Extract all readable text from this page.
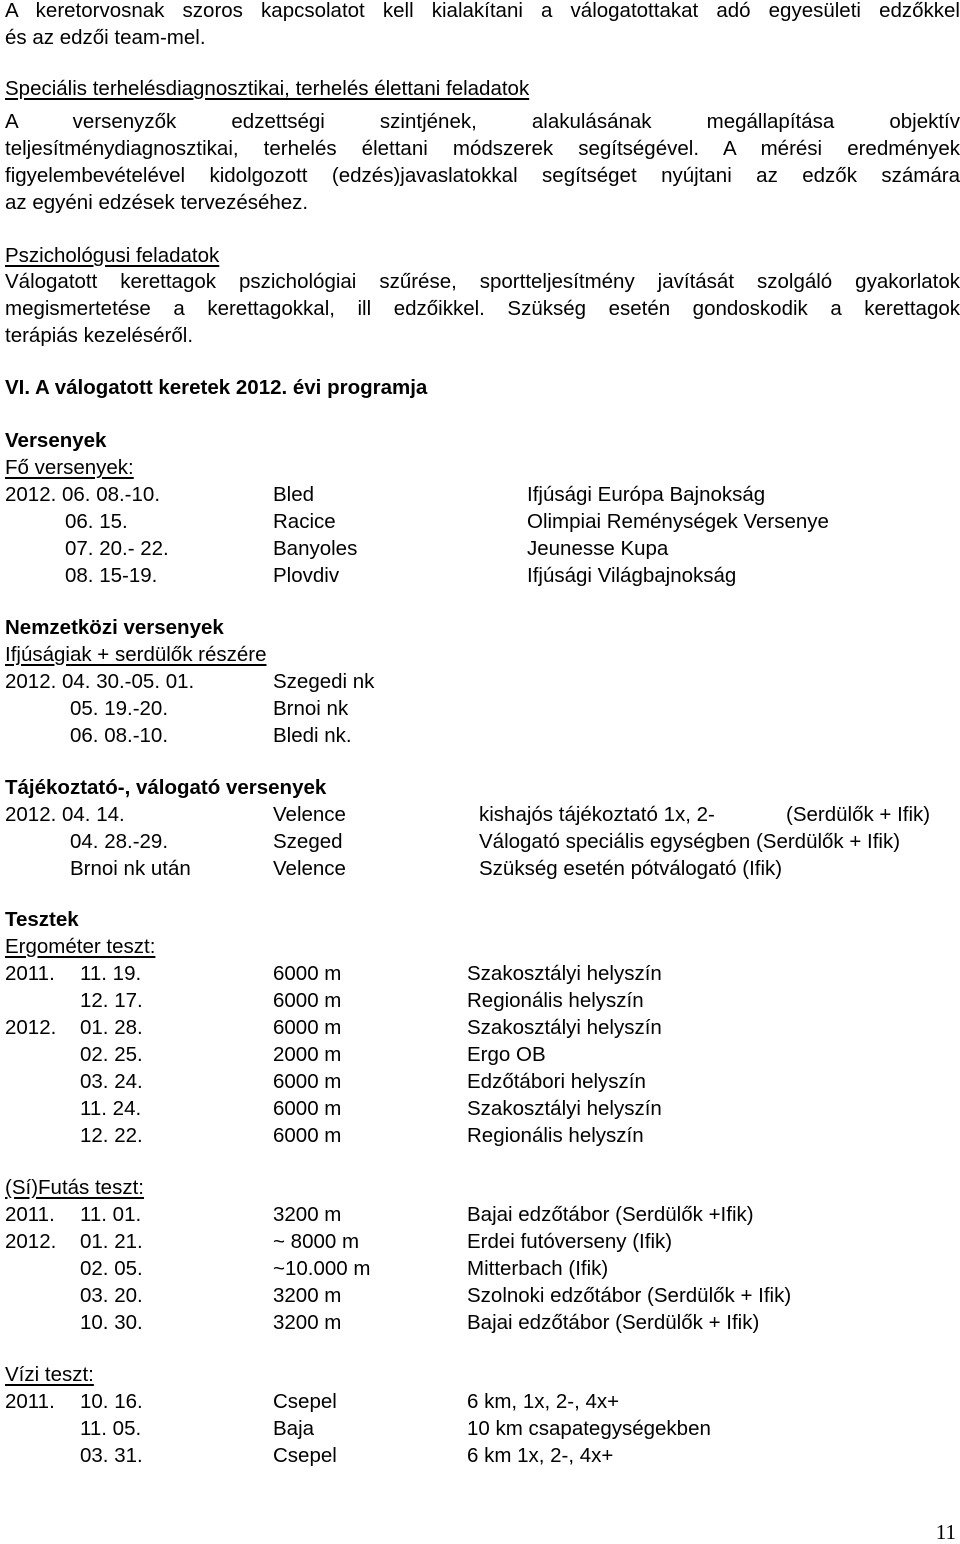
A keretorvosnak szoros kapcsolatot kell kialakítani a válogatottakat adó egyesületi edzőkkel
és az edzői team-mel.
Speciális terhelésdiagnosztikai, terhelés élettani feladatok
A versenyzők edzettségi szintjének, alakulásának megállapítása objektív
teljesítménydiagnosztikai, terhelés élettani módszerek segítségével. A mérési eredmények
figyelembevételével kidolgozott (edzés)javaslatokkal segítséget nyújtani az edzők számára
az egyéni edzések tervezéséhez.
Pszichológusi feladatok
Válogatott kerettagok pszichológiai szűrése, sportteljesítmény javítását szolgáló gyakorlatok
megismertetése a kerettagokkal, ill edzőikkel. Szükség esetén gondoskodik a kerettagok
terápiás kezeléséről.
VI. A válogatott keretek 2012. évi programja
Versenyek
Fő versenyek:
2012. 06. 08.-10.	Bled	Ifjúsági Európa Bajnokság
06. 15.	Racice	Olimpiai Reménységek Versenye
07. 20.- 22.	Banyoles	Jeunesse Kupa
08. 15-19.	Plovdiv	Ifjúsági Világbajnokság
Nemzetközi versenyek
Ifjúságiak + serdülők részére
2012. 04. 30.-05. 01.	Szegedi nk
05. 19.-20.	Brnoi nk
06. 08.-10.	Bledi nk.
Tájékoztató-, válogató versenyek
2012. 04. 14.	Velence	kishajós tájékoztató 1x, 2-	(Serdülők + Ifik)
04. 28.-29.	Szeged	Válogató speciális egységben (Serdülők + Ifik)
Brnoi nk után	Velence	Szükség esetén pótválogató (Ifik)
Tesztek
Ergométer teszt:
2011. 11. 19.	6000 m	Szakosztályi helyszín
12. 17.	6000 m	Regionális helyszín
2012. 01. 28.	6000 m	Szakosztályi helyszín
02. 25.	2000 m	Ergo OB
03. 24.	6000 m	Edzőtábori helyszín
11. 24.	6000 m	Szakosztályi helyszín
12. 22.	6000 m	Regionális helyszín
(Sí)Futás teszt:
2011. 11. 01.	3200 m	Bajai edzőtábor (Serdülők +Ifik)
2012. 01. 21.	~ 8000 m	Erdei futóverseny (Ifik)
02. 05.	~10.000 m	Mitterbach (Ifik)
03. 20.	3200 m	Szolnoki edzőtábor (Serdülők + Ifik)
10. 30.	3200 m	Bajai edzőtábor (Serdülők + Ifik)
Vízi teszt:
2011. 10. 16.	Csepel	6 km, 1x, 2-, 4x+
11. 05.	Baja	10 km csapategységekben
03. 31.	Csepel	6 km 1x, 2-, 4x+
11
